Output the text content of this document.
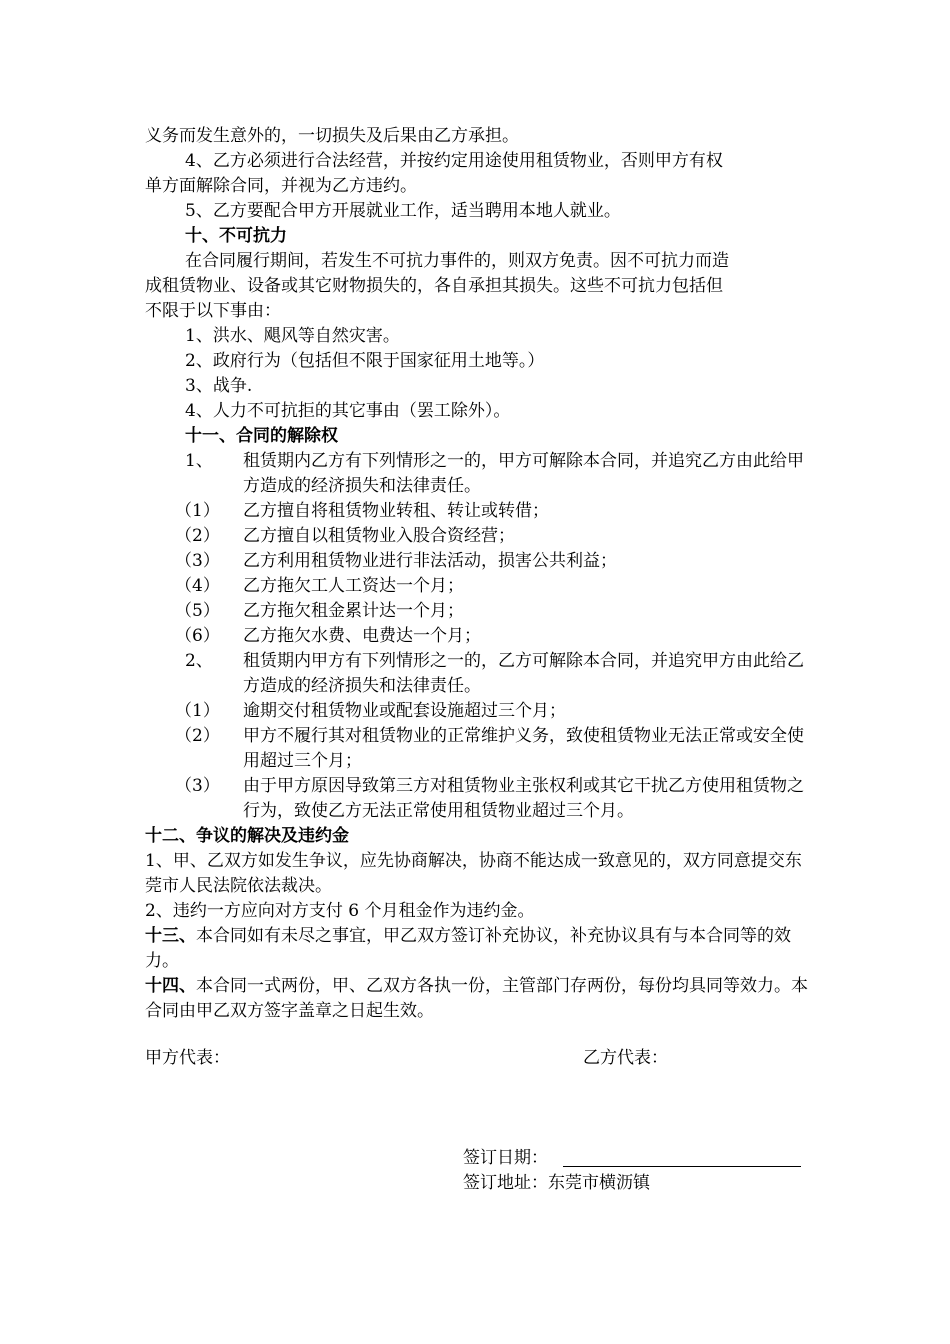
义务而发生意外的，一切损失及后果由乙方承担。
4、乙方必须进行合法经营，并按约定用途使用租赁物业，否则甲方有权
单方面解除合同，并视为乙方违约。
5、乙方要配合甲方开展就业工作，适当聘用本地人就业。
十、不可抗力
在合同履行期间，若发生不可抗力事件的，则双方免责。因不可抗力而造
成租赁物业、设备或其它财物损失的，各自承担其损失。这些不可抗力包括但
不限于以下事由：
1、洪水、飓风等自然灾害。
2、政府行为（包括但不限于国家征用土地等。）
3、战争.
4、人力不可抗拒的其它事由（罢工除外）。
十一、合同的解除权
1、	租赁期内乙方有下列情形之一的，甲方可解除本合同，并追究乙方由此给甲方造成的经济损失和法律责任。
（1）	乙方擅自将租赁物业转租、转让或转借；
（2）	乙方擅自以租赁物业入股合资经营；
（3）	乙方利用租赁物业进行非法活动，损害公共利益；
（4）	乙方拖欠工人工资达一个月；
（5）	乙方拖欠租金累计达一个月；
（6）	乙方拖欠水费、电费达一个月；
2、	租赁期内甲方有下列情形之一的，乙方可解除本合同，并追究甲方由此给乙方造成的经济损失和法律责任。
（1）	逾期交付租赁物业或配套设施超过三个月；
（2）	甲方不履行其对租赁物业的正常维护义务，致使租赁物业无法正常或安全使用超过三个月；
（3）	由于甲方原因导致第三方对租赁物业主张权利或其它干扰乙方使用租赁物之行为，致使乙方无法正常使用租赁物业超过三个月。
十二、争议的解决及违约金
1、甲、乙双方如发生争议，应先协商解决，协商不能达成一致意见的，双方同意提交东莞市人民法院依法裁决。
2、违约一方应向对方支付 6 个月租金作为违约金。
十三、本合同如有未尽之事宜，甲乙双方签订补充协议，补充协议具有与本合同等的效力。
十四、本合同一式两份，甲、乙双方各执一份，主管部门存两份，每份均具同等效力。本合同由甲乙双方签字盖章之日起生效。
甲方代表：	乙方代表：
签订日期：
签订地址：东莞市横沥镇
